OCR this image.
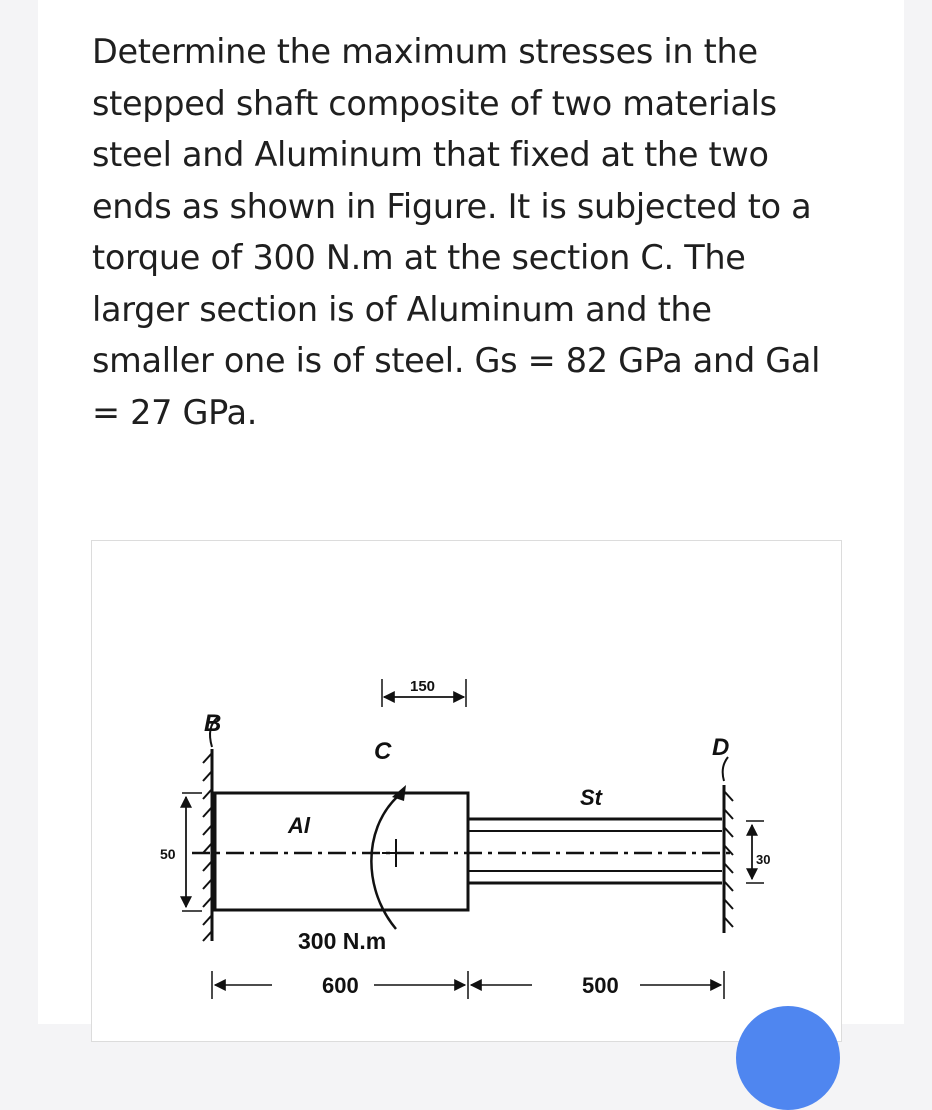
Determine the maximum stresses in the
stepped shaft composite of two materials
steel and Aluminum that fixed at the two
ends as shown in Figure. It is subjected to a
torque of 300 N.m at the section C. The
larger section is of Aluminum and the
smaller one is of steel. Gs = 82 GPa and Gal
= 27 GPa.

B
C	D
Al
St
150
50	30
300 N.m
600	500
